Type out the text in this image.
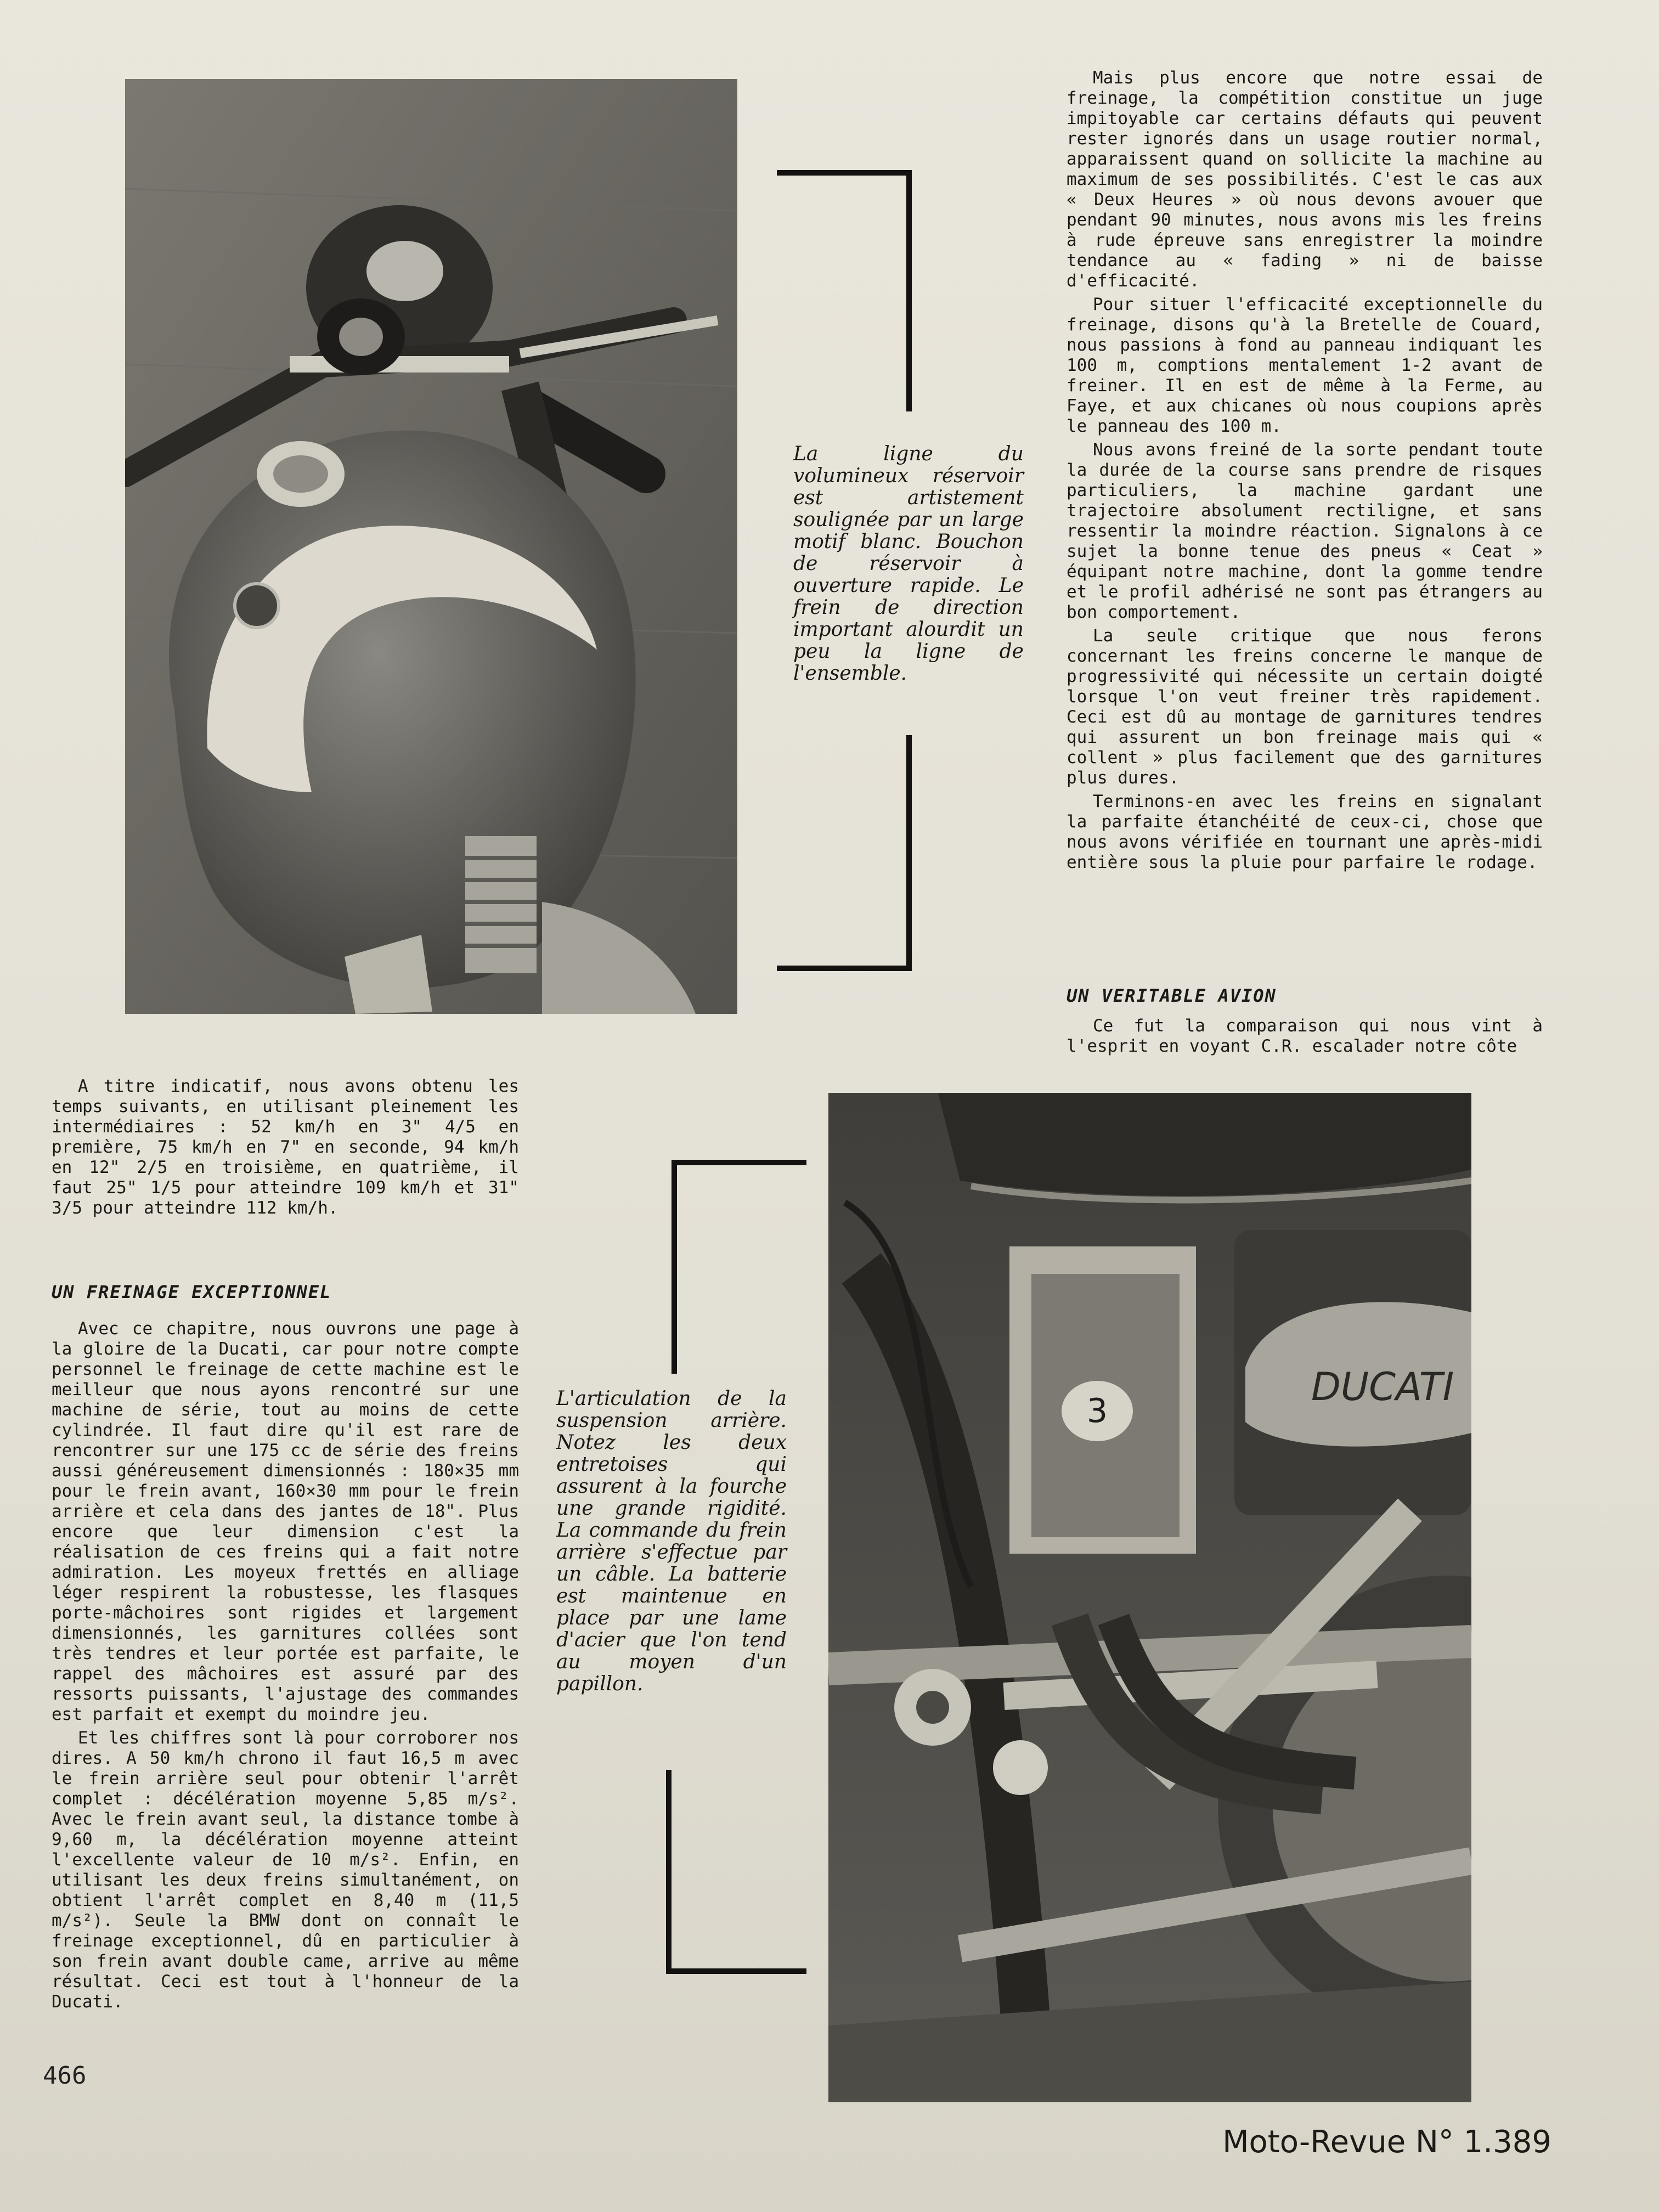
La ligne du volumineux réservoir est artistement soulignée par un large motif blanc. Bouchon de réservoir à ouverture rapide. Le frein de direction important alourdit un peu la ligne de l'ensemble.

Mais plus encore que notre essai de freinage, la compétition constitue un juge impitoyable car certains défauts qui peuvent rester ignorés dans un usage routier normal, apparaissent quand on sollicite la machine au maximum de ses possibilités. C'est le cas aux « Deux Heures » où nous devons avouer que pendant 90 minutes, nous avons mis les freins à rude épreuve sans enregistrer la moindre tendance au « fading » ni de baisse d'efficacité.

Pour situer l'efficacité exceptionnelle du freinage, disons qu'à la Bretelle de Couard, nous passions à fond au panneau indiquant les 100 m, comptions mentalement 1-2 avant de freiner. Il en est de même à la Ferme, au Faye, et aux chicanes où nous coupions après le panneau des 100 m.

Nous avons freiné de la sorte pendant toute la durée de la course sans prendre de risques particuliers, la machine gardant une trajectoire absolument rectiligne, et sans ressentir la moindre réaction. Signalons à ce sujet la bonne tenue des pneus « Ceat » équipant notre machine, dont la gomme tendre et le profil adhérisé ne sont pas étrangers au bon comportement.

La seule critique que nous ferons concernant les freins concerne le manque de progressivité qui nécessite un certain doigté lorsque l'on veut freiner très rapidement. Ceci est dû au montage de garnitures tendres qui assurent un bon freinage mais qui « collent » plus facilement que des garnitures plus dures.

Terminons-en avec les freins en signalant la parfaite étanchéité de ceux-ci, chose que nous avons vérifiée en tournant une après-midi entière sous la pluie pour parfaire le rodage.

UN VERITABLE AVION

Ce fut la comparaison qui nous vint à l'esprit en voyant C.R. escalader notre côte

A titre indicatif, nous avons obtenu les temps suivants, en utilisant pleinement les intermédiaires : 52 km/h en 3" 4/5 en première, 75 km/h en 7" en seconde, 94 km/h en 12" 2/5 en troisième, en quatrième, il faut 25" 1/5 pour atteindre 109 km/h et 31" 3/5 pour atteindre 112 km/h.

UN FREINAGE EXCEPTIONNEL

Avec ce chapitre, nous ouvrons une page à la gloire de la Ducati, car pour notre compte personnel le freinage de cette machine est le meilleur que nous ayons rencontré sur une machine de série, tout au moins de cette cylindrée. Il faut dire qu'il est rare de rencontrer sur une 175 cc de série des freins aussi généreusement dimensionnés : 180×35 mm pour le frein avant, 160×30 mm pour le frein arrière et cela dans des jantes de 18". Plus encore que leur dimension c'est la réalisation de ces freins qui a fait notre admiration. Les moyeux frettés en alliage léger respirent la robustesse, les flasques porte-mâchoires sont rigides et largement dimensionnés, les garnitures collées sont très tendres et leur portée est parfaite, le rappel des mâchoires est assuré par des ressorts puissants, l'ajustage des commandes est parfait et exempt du moindre jeu.

Et les chiffres sont là pour corroborer nos dires. A 50 km/h chrono il faut 16,5 m avec le frein arrière seul pour obtenir l'arrêt complet : décélération moyenne 5,85 m/s². Avec le frein avant seul, la distance tombe à 9,60 m, la décélération moyenne atteint l'excellente valeur de 10 m/s². Enfin, en utilisant les deux freins simultanément, on obtient l'arrêt complet en 8,40 m (11,5 m/s²). Seule la BMW dont on connaît le freinage exceptionnel, dû en particulier à son frein avant double came, arrive au même résultat. Ceci est tout à l'honneur de la Ducati.

L'articulation de la suspension arrière. Notez les deux entretoises qui assurent à la fourche une grande rigidité. La commande du frein arrière s'effectue par un câble. La batterie est maintenue en place par une lame d'acier que l'on tend au moyen d'un papillon.
3
DUCATI
466
Moto-Revue N° 1.389
